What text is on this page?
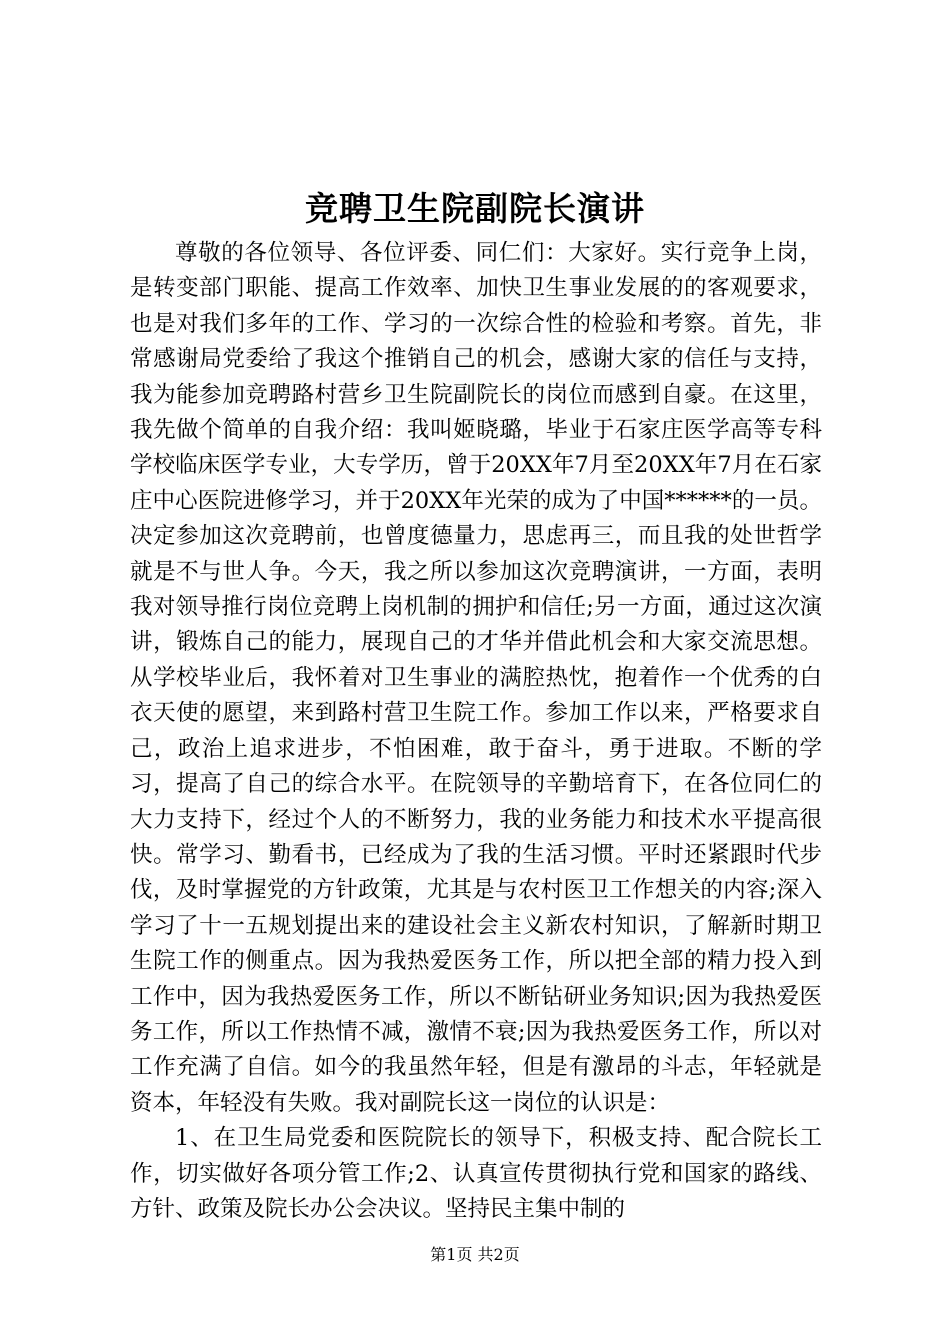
竞聘卫生院副院长演讲

尊敬的各位领导、各位评委、同仁们：大家好。实行竞争上岗，是转变部门职能、提高工作效率、加快卫生事业发展的的客观要求，也是对我们多年的工作、学习的一次综合性的检验和考察。首先，非常感谢局党委给了我这个推销自己的机会，感谢大家的信任与支持，我为能参加竞聘路村营乡卫生院副院长的岗位而感到自豪。在这里，我先做个简单的自我介绍：我叫姬晓璐，毕业于石家庄医学高等专科学校临床医学专业，大专学历，曾于20XX年7月至20XX年7月在石家庄中心医院进修学习，并于20XX年光荣的成为了中国******的一员。决定参加这次竞聘前，也曾度德量力，思虑再三，而且我的处世哲学就是不与世人争。今天，我之所以参加这次竞聘演讲，一方面，表明我对领导推行岗位竞聘上岗机制的拥护和信任;另一方面，通过这次演讲，锻炼自己的能力，展现自己的才华并借此机会和大家交流思想。从学校毕业后，我怀着对卫生事业的满腔热忱，抱着作一个优秀的白衣天使的愿望，来到路村营卫生院工作。参加工作以来，严格要求自己，政治上追求进步，不怕困难，敢于奋斗，勇于进取。不断的学习，提高了自己的综合水平。在院领导的辛勤培育下，在各位同仁的大力支持下，经过个人的不断努力，我的业务能力和技术水平提高很快。常学习、勤看书，已经成为了我的生活习惯。平时还紧跟时代步伐，及时掌握党的方针政策，尤其是与农村医卫工作想关的内容;深入学习了十一五规划提出来的建设社会主义新农村知识，了解新时期卫生院工作的侧重点。因为我热爱医务工作，所以把全部的精力投入到工作中，因为我热爱医务工作，所以不断钻研业务知识;因为我热爱医务工作，所以工作热情不减，激情不衰;因为我热爱医务工作，所以对工作充满了自信。如今的我虽然年轻，但是有激昂的斗志，年轻就是资本，年轻没有失败。我对副院长这一岗位的认识是：

1、在卫生局党委和医院院长的领导下，积极支持、配合院长工作，切实做好各项分管工作;2、认真宣传贯彻执行党和国家的路线、方针、政策及院长办公会决议。坚持民主集中制的

第1页 共2页
